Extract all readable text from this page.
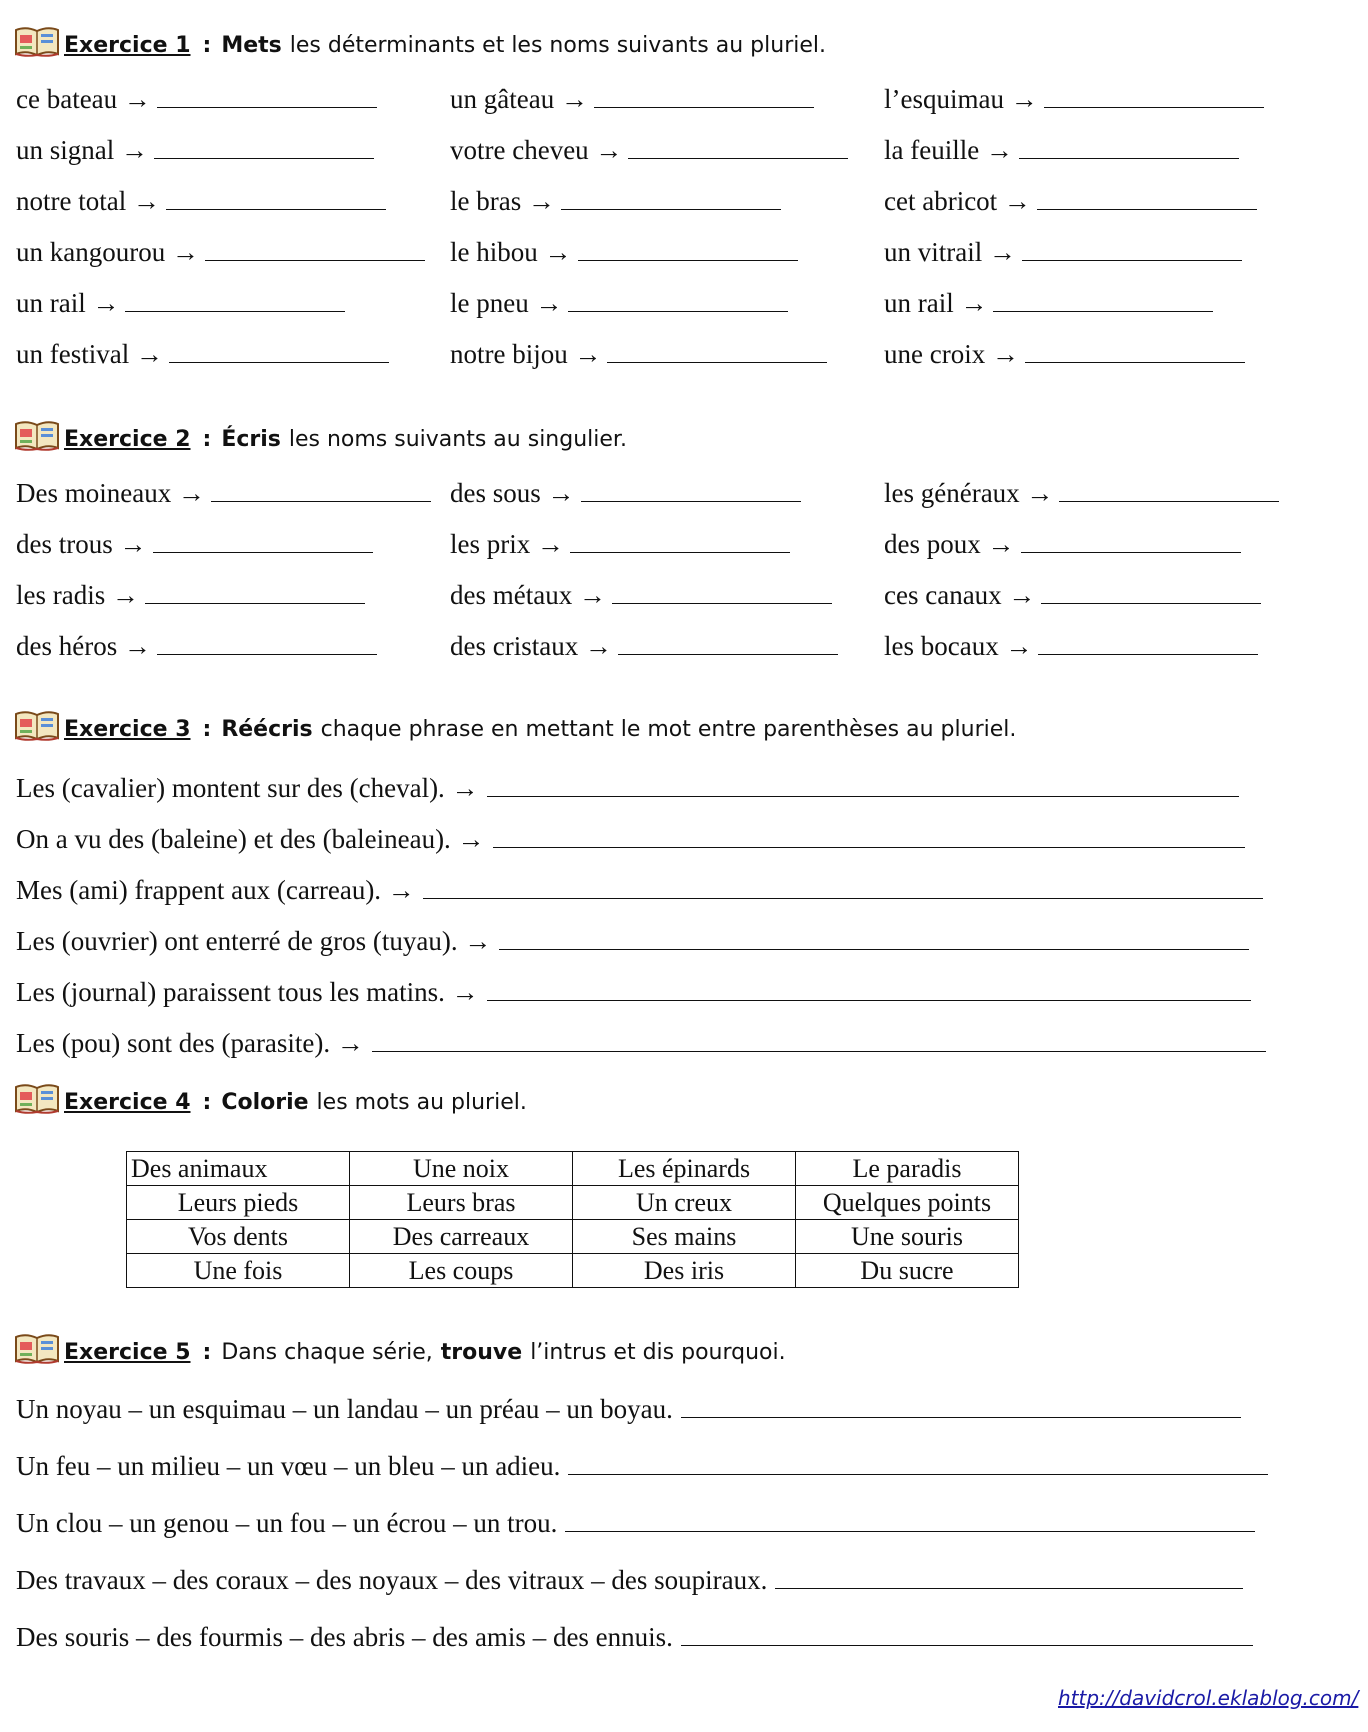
Exercice 1 : Mets les déterminants et les noms suivants au pluriel.
ce bateau →	un gâteau →	l’esquimau →
un signal →	votre cheveu →	la feuille →
notre total →	le bras →	cet abricot →
un kangourou →	le hibou →	un vitrail →
un rail →	le pneu →	un rail →
un festival →	notre bijou →	une croix →
Exercice 2 : Écris les noms suivants au singulier.
Des moineaux →	des sous →	les généraux →
des trous →	les prix →	des poux →
les radis →	des métaux →	ces canaux →
des héros →	des cristaux →	les bocaux →
Exercice 3 : Réécris chaque phrase en mettant le mot entre parenthèses au pluriel.
Les (cavalier) montent sur des (cheval). →
On a vu des (baleine) et des (baleineau). →
Mes (ami) frappent aux (carreau). →
Les (ouvrier) ont enterré de gros (tuyau). →
Les (journal) paraissent tous les matins. →
Les (pou) sont des (parasite). →
Exercice 4 : Colorie les mots au pluriel.
Des animaux	Une noix	Les épinards	Le paradis
Leurs pieds	Leurs bras	Un creux	Quelques points
Vos dents	Des carreaux	Ses mains	Une souris
Une fois	Les coups	Des iris	Du sucre
Exercice 5 : Dans chaque série, trouve l’intrus et dis pourquoi.
Un noyau – un esquimau – un landau – un préau – un boyau.
Un feu – un milieu – un vœu – un bleu – un adieu.
Un clou – un genou – un fou – un écrou – un trou.
Des travaux – des coraux – des noyaux – des vitraux – des soupiraux.
Des souris – des fourmis – des abris – des amis – des ennuis.
http://davidcrol.eklablog.com/
